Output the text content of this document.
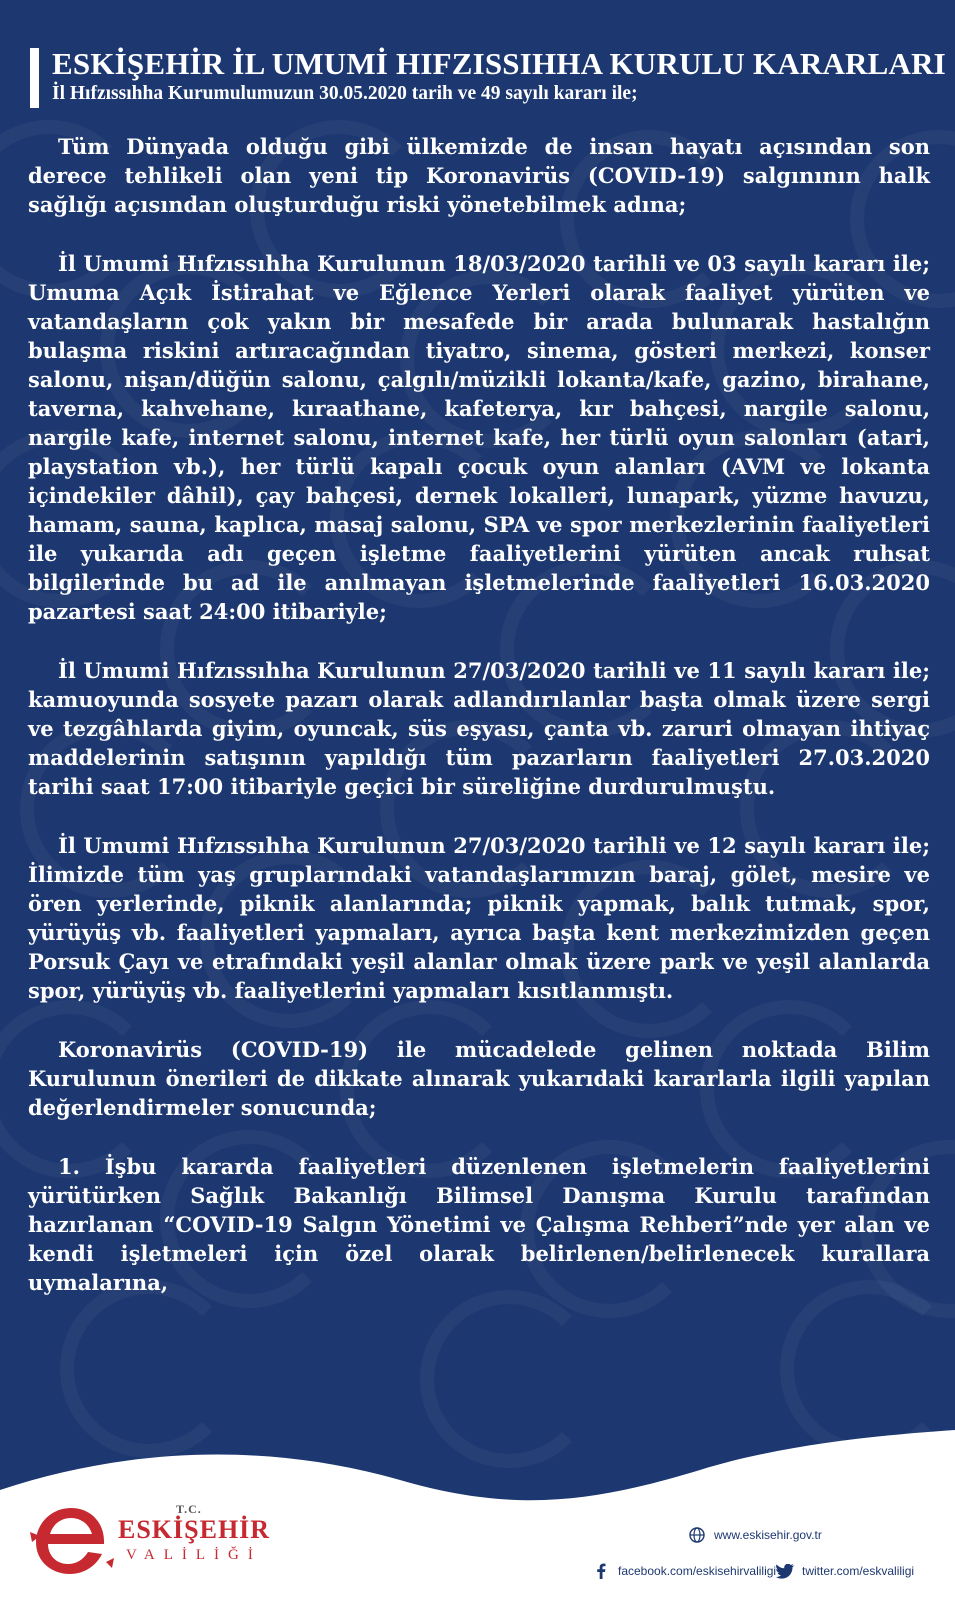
ESKİŞEHİR İL UMUMİ HIFZISSIHHA KURULU KARARLARI
İl Hıfzıssıhha Kurumulumuzun 30.05.2020 tarih ve 49 sayılı kararı ile;

Tüm Dünyada olduğu gibi ülkemizde de insan hayatı açısından son derece tehlikeli olan yeni tip Koronavirüs (COVID-19) salgınının halk sağlığı açısından oluşturduğu riski yönetebilmek adına;

İl Umumi Hıfzıssıhha Kurulunun 18/03/2020 tarihli ve 03 sayılı kararı ile; Umuma Açık İstirahat ve Eğlence Yerleri olarak faaliyet yürüten ve vatandaşların çok yakın bir mesafede bir arada bulunarak hastalığın bulaşma riskini artıracağından tiyatro, sinema, gösteri merkezi, konser salonu, nişan/düğün salonu, çalgılı/müzikli lokanta/kafe, gazino, birahane, taverna, kahvehane, kıraathane, kafeterya, kır bahçesi, nargile salonu, nargile kafe, internet salonu, internet kafe, her türlü oyun salonları (atari, playstation vb.), her türlü kapalı çocuk oyun alanları (AVM ve lokanta içindekiler dâhil), çay bahçesi, dernek lokalleri, lunapark, yüzme havuzu, hamam, sauna, kaplıca, masaj salonu, SPA ve spor merkezlerinin faaliyetleri ile yukarıda adı geçen işletme faaliyetlerini yürüten ancak ruhsat bilgilerinde bu ad ile anılmayan işletmelerinde faaliyetleri 16.03.2020 pazartesi saat 24:00 itibariyle;

İl Umumi Hıfzıssıhha Kurulunun 27/03/2020 tarihli ve 11 sayılı kararı ile; kamuoyunda sosyete pazarı olarak adlandırılanlar başta olmak üzere sergi ve tezgâhlarda giyim, oyuncak, süs eşyası, çanta vb. zaruri olmayan ihtiyaç maddelerinin satışının yapıldığı tüm pazarların faaliyetleri 27.03.2020 tarihi saat 17:00 itibariyle geçici bir süreliğine durdurulmuştu.

İl Umumi Hıfzıssıhha Kurulunun 27/03/2020 tarihli ve 12 sayılı kararı ile; İlimizde tüm yaş gruplarındaki vatandaşlarımızın baraj, gölet, mesire ve ören yerlerinde, piknik alanlarında; piknik yapmak, balık tutmak, spor, yürüyüş vb. faaliyetleri yapmaları, ayrıca başta kent merkezimizden geçen Porsuk Çayı ve etrafındaki yeşil alanlar olmak üzere park ve yeşil alanlarda spor, yürüyüş vb. faaliyetlerini yapmaları kısıtlanmıştı.

Koronavirüs (COVID-19) ile mücadelede gelinen noktada Bilim Kurulunun önerileri de dikkate alınarak yukarıdaki kararlarla ilgili yapılan değerlendirmeler sonucunda;

1. İşbu kararda faaliyetleri düzenlenen işletmelerin faaliyetlerini yürütürken Sağlık Bakanlığı Bilimsel Danışma Kurulu tarafından hazırlanan “COVID-19 Salgın Yönetimi ve Çalışma Rehberi”nde yer alan ve kendi işletmeleri için özel olarak belirlenen/belirlenecek kurallara uymalarına,

1
T.C.
ESKİŞEHİR
VALİLİĞİ
www.eskisehir.gov.tr
facebook.com/eskisehirvaliligi twitter.com/eskvaliligi
